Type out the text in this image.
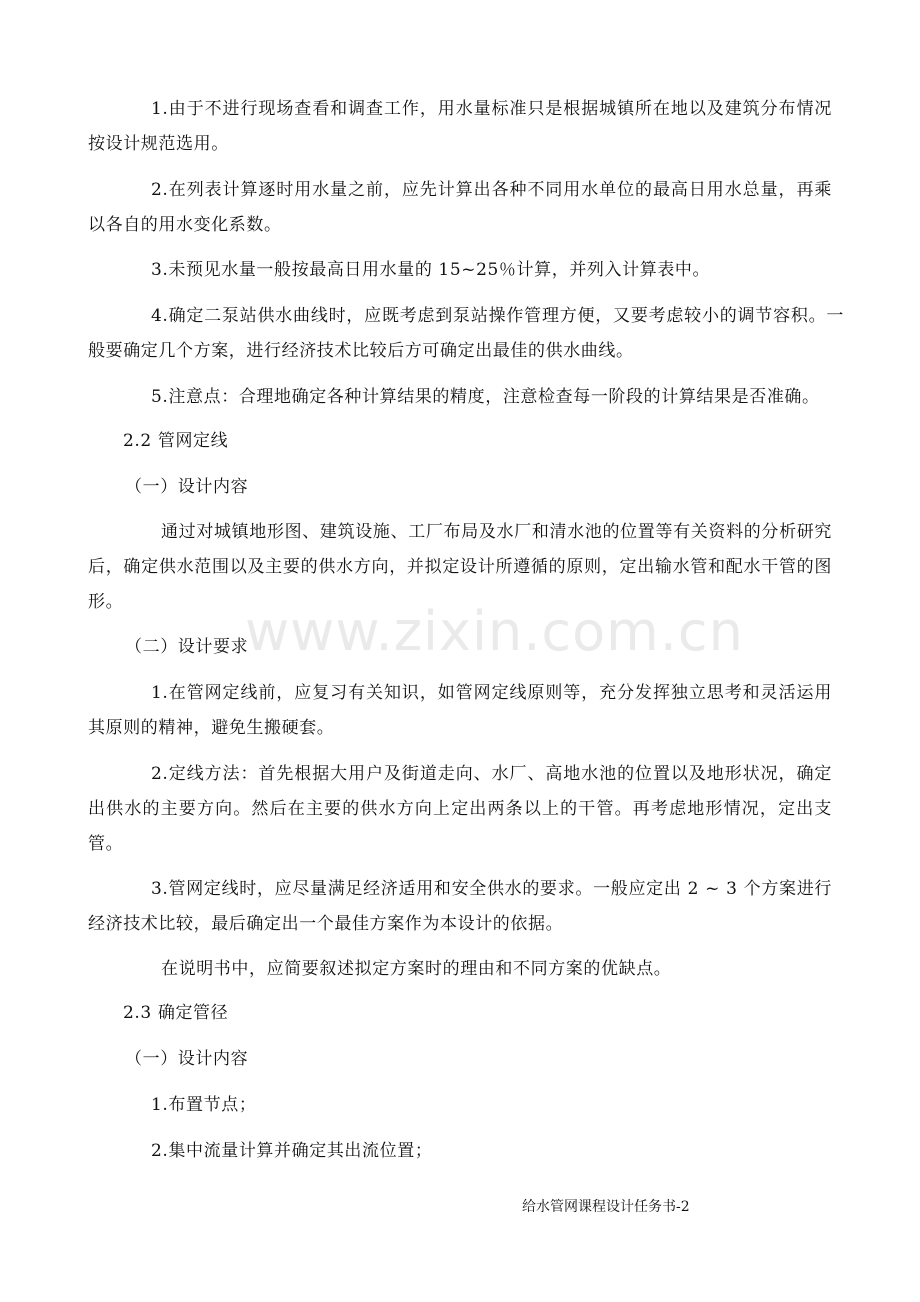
1.由于不进行现场查看和调查工作，用水量标准只是根据城镇所在地以及建筑分布情况按设计规范选用。

2.在列表计算逐时用水量之前，应先计算出各种不同用水单位的最高日用水总量，再乘以各自的用水变化系数。

3.未预见水量一般按最高日用水量的 15~25％计算，并列入计算表中。

4.确定二泵站供水曲线时，应既考虑到泵站操作管理方便，又要考虑较小的调节容积。一般要确定几个方案，进行经济技术比较后方可确定出最佳的供水曲线。

5.注意点：合理地确定各种计算结果的精度，注意检查每一阶段的计算结果是否准确。

2.2 管网定线

（一）设计内容

通过对城镇地形图、建筑设施、工厂布局及水厂和清水池的位置等有关资料的分析研究后，确定供水范围以及主要的供水方向，并拟定设计所遵循的原则，定出输水管和配水干管的图形。	www.zixin.com.cn

（二）设计要求

1.在管网定线前，应复习有关知识，如管网定线原则等，充分发挥独立思考和灵活运用其原则的精神，避免生搬硬套。

2.定线方法：首先根据大用户及街道走向、水厂、高地水池的位置以及地形状况，确定出供水的主要方向。然后在主要的供水方向上定出两条以上的干管。再考虑地形情况，定出支管。

3.管网定线时，应尽量满足经济适用和安全供水的要求。一般应定出 2 ~ 3 个方案进行经济技术比较，最后确定出一个最佳方案作为本设计的依据。

在说明书中，应简要叙述拟定方案时的理由和不同方案的优缺点。

2.3 确定管径

（一）设计内容

1.布置节点；

2.集中流量计算并确定其出流位置；

给水管网课程设计任务书-2
